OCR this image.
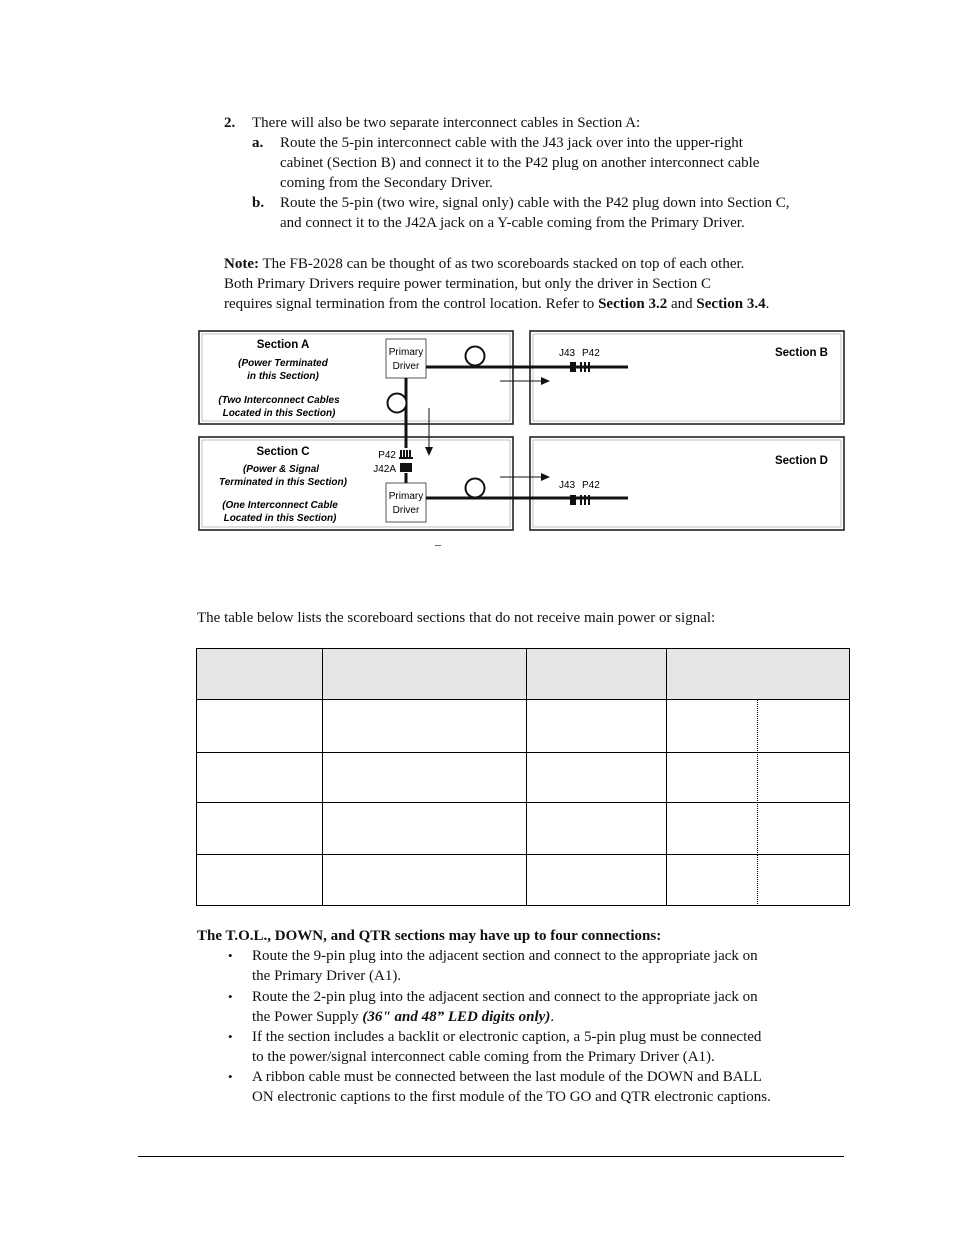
2. There will also be two separate interconnect cables in Section A:
a. Route the 5-pin interconnect cable with the J43 jack over into the upper-right
cabinet (Section B) and connect it to the P42 plug on another interconnect cable
coming from the Secondary Driver.
b. Route the 5-pin (two wire, signal only) cable with the P42 plug down into Section C,
and connect it to the J42A jack on a Y-cable coming from the Primary Driver.
Note: The FB-2028 can be thought of as two scoreboards stacked on top of each other.
Both Primary Drivers require power termination, but only the driver in Section C
requires signal termination from the control location. Refer to Section 3.2 and Section 3.4.
Section A
(Power Terminated
in this Section)
(Two Interconnect Cables
Located in this Section)
Section B
Section C
(Power & Signal
Terminated in this Section)
(One Interconnect Cable
Located in this Section)
Section D
Primary
Driver
Primary
Driver
J43 P42
J43 P42
P42
J42A
–
The table below lists the scoreboard sections that do not receive main power or signal:
The T.O.L., DOWN, and QTR sections may have up to four connections:
• Route the 9-pin plug into the adjacent section and connect to the appropriate jack on
the Primary Driver (A1).
• Route the 2-pin plug into the adjacent section and connect to the appropriate jack on
the Power Supply (36" and 48” LED digits only).
• If the section includes a backlit or electronic caption, a 5-pin plug must be connected
to the power/signal interconnect cable coming from the Primary Driver (A1).
• A ribbon cable must be connected between the last module of the DOWN and BALL
ON electronic captions to the first module of the TO GO and QTR electronic captions.
